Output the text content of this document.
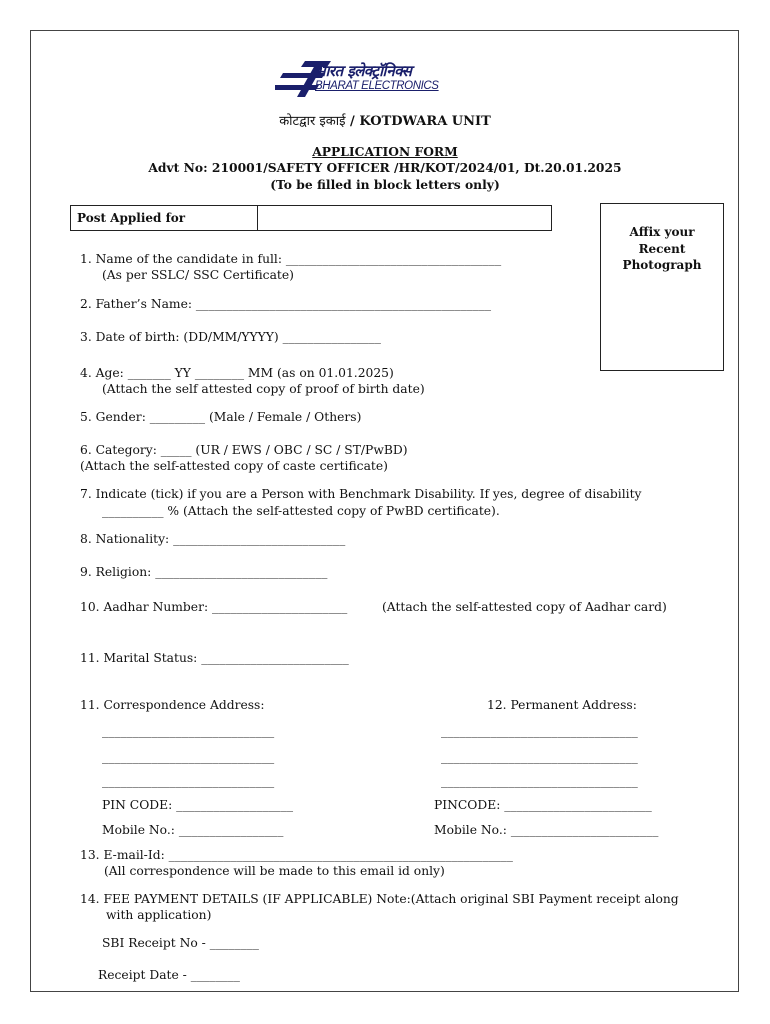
भारत इलेक्ट्रॉनिक्स
BHARAT ELECTRONICS
कोटद्वार इकाई / KOTDWARA UNIT
APPLICATION FORM
Advt No: 210001/SAFETY OFFICER /HR/KOT/2024/01, Dt.20.01.2025
(To be filled in block letters only)
Post Applied for
Affix your
Recent
Photograph
1. Name of the candidate in full: ___________________________________
(As per SSLC/ SSC Certificate)
2. Father’s Name: ________________________________________________
3. Date of birth: (DD/MM/YYYY) ________________
4. Age: _______ YY ________ MM (as on 01.01.2025)
(Attach the self attested copy of proof of birth date)
5. Gender: _________ (Male / Female / Others)
6. Category: _____ (UR / EWS / OBC / SC / ST/PwBD)
(Attach the self-attested copy of caste certificate)
7. Indicate (tick) if you are a Person with Benchmark Disability. If yes, degree of disability
__________ % (Attach the self-attested copy of PwBD certificate).
8. Nationality: ____________________________
9. Religion: ____________________________
10. Aadhar Number: ______________________	(Attach the self-attested copy of Aadhar card)
11. Marital Status: ________________________
11. Correspondence Address:	12. Permanent Address:
____________________________	________________________________
____________________________	________________________________
____________________________	________________________________
PIN CODE: ___________________	PINCODE: ________________________
Mobile No.: _________________	Mobile No.: ________________________
13. E-mail-Id: ________________________________________________________
(All correspondence will be made to this email id only)
14. FEE PAYMENT DETAILS (IF APPLICABLE) Note:(Attach original SBI Payment receipt along
with application)
SBI Receipt No - ________
Receipt Date - ________
